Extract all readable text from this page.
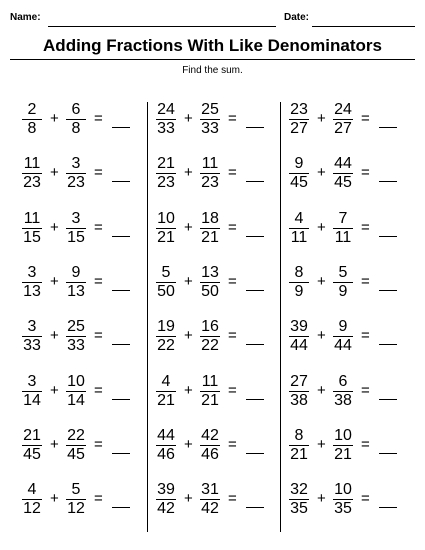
Name:	Date:
Adding Fractions With Like Denominators
Find the sum.
2
8
+
6
8
=
11
23
+
3
23
=
11
15
+
3
15
=
3
13
+
9
13
=
3
33
+
25
33
=
3
14
+
10
14
=
21
45
+
22
45
=
4
12
+
5
12
=
24
33
+
25
33
=
21
23
+
11
23
=
10
21
+
18
21
=
5
50
+
13
50
=
19
22
+
16
22
=
4
21
+
11
21
=
44
46
+
42
46
=
39
42
+
31
42
=
23
27
+
24
27
=
9
45
+
44
45
=
4
11
+
7
11
=
8
9
+
5
9
=
39
44
+
9
44
=
27
38
+
6
38
=
8
21
+
10
21
=
32
35
+
10
35
=
